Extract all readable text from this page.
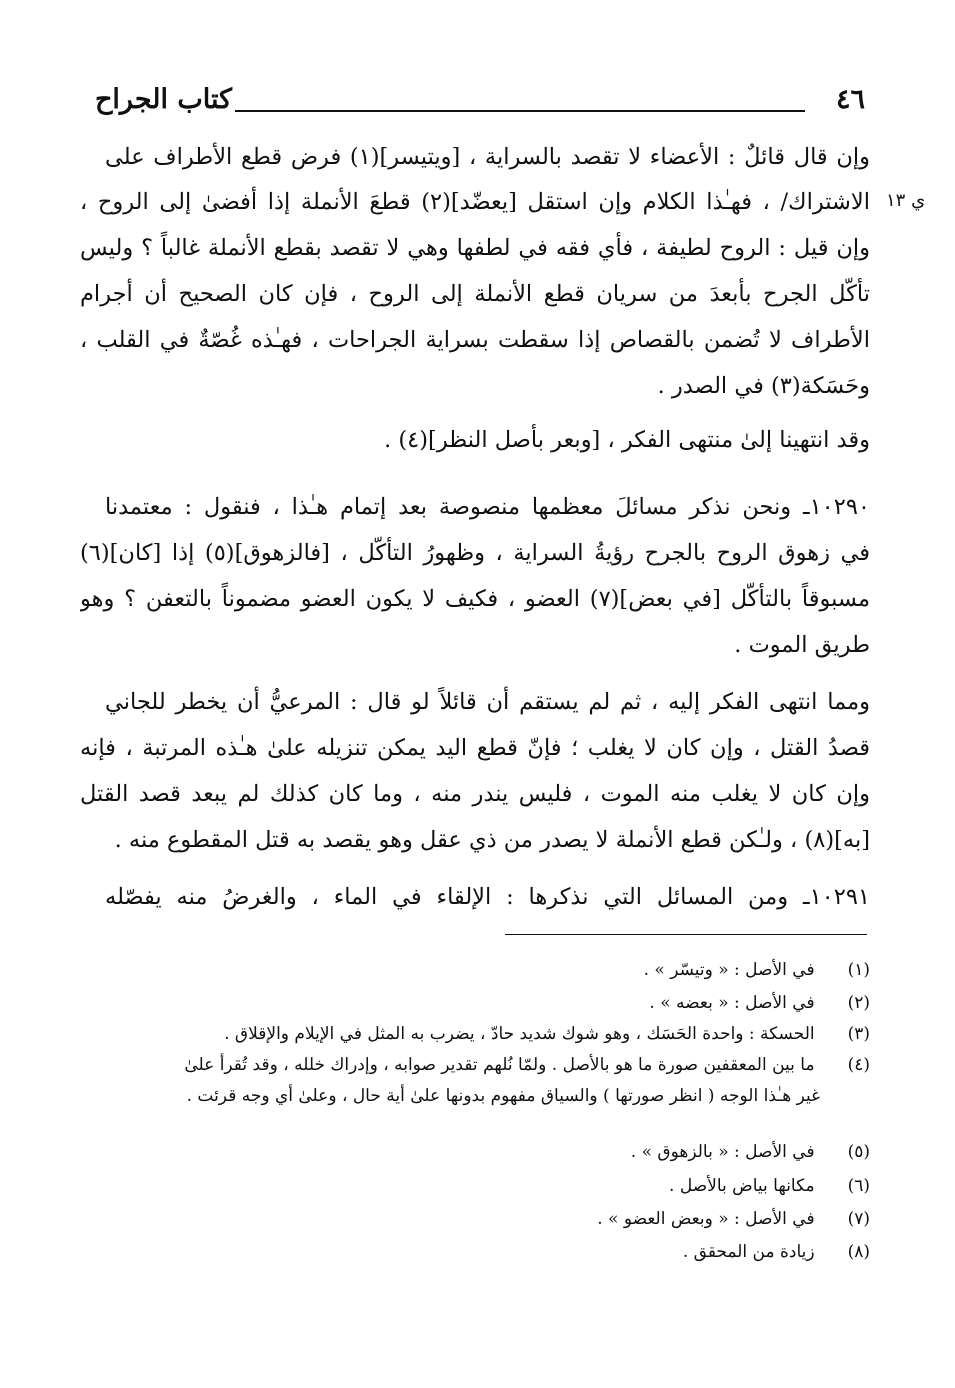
٤٦
كتاب الجراح
ي ١٣
وإن قال قائلٌ : الأعضاء لا تقصد بالسراية ، [ويتيسر](١) فرض قطع الأطراف على
الاشتراك/ ، فهـٰذا الكلام وإن استقل [يعضّد](٢) قطعَ الأنملة إذا أفضىٰ إلى الروح ،
وإن قيل : الروح لطيفة ، فأي فقه في لطفها وهي لا تقصد بقطع الأنملة غالباً ؟ وليس
تأكّل الجرح بأبعدَ من سريان قطع الأنملة إلى الروح ، فإن كان الصحيح أن أجرام
الأطراف لا تُضمن بالقصاص إذا سقطت بسراية الجراحات ، فهـٰذه غُصّةٌ في القلب ،
وحَسَكة(٣) في الصدر .
وقد انتهينا إلىٰ منتهى الفكر ، [وبعر بأصل النظر](٤) .
١٠٢٩٠ـ ونحن نذكر مسائلَ معظمها منصوصة بعد إتمام هـٰذا ، فنقول : معتمدنا
في زهوق الروح بالجرح رؤيةُ السراية ، وظهورُ التأكّل ، [فالزهوق](٥) إذا [كان](٦)
مسبوقاً بالتأكّل [في بعض](٧) العضو ، فكيف لا يكون العضو مضموناً بالتعفن ؟ وهو
طريق الموت .
ومما انتهى الفكر إليه ، ثم لم يستقم أن قائلاً لو قال : المرعيُّ أن يخطر للجاني
قصدُ القتل ، وإن كان لا يغلب ؛ فإنّ قطع اليد يمكن تنزيله علىٰ هـٰذه المرتبة ، فإنه
وإن كان لا يغلب منه الموت ، فليس يندر منه ، وما كان كذلك لم يبعد قصد القتل
[به](٨) ، ولـٰكن قطع الأنملة لا يصدر من ذي عقل وهو يقصد به قتل المقطوع منه .
١٠٢٩١ـ ومن المسائل التي نذكرها : الإلقاء في الماء ، والغرضُ منه يفصّله
(١) في الأصل : « وتيسّر » .
(٢) في الأصل : « بعضه » .
(٣) الحسكة : واحدة الحَسَك ، وهو شوك شديد حادّ ، يضرب به المثل في الإيلام والإقلاق .
(٤) ما بين المعقفين صورة ما هو بالأصل . ولمّا نُلهم تقدير صوابه ، وإدراك خلله ، وقد تُقرأ علىٰ
غير هـٰذا الوجه ( انظر صورتها ) والسياق مفهوم بدونها علىٰ أية حال ، وعلىٰ أي وجه قرئت .
(٥) في الأصل : « بالزهوق » .
(٦) مكانها بياض بالأصل .
(٧) في الأصل : « وبعض العضو » .
(٨) زيادة من المحقق .
